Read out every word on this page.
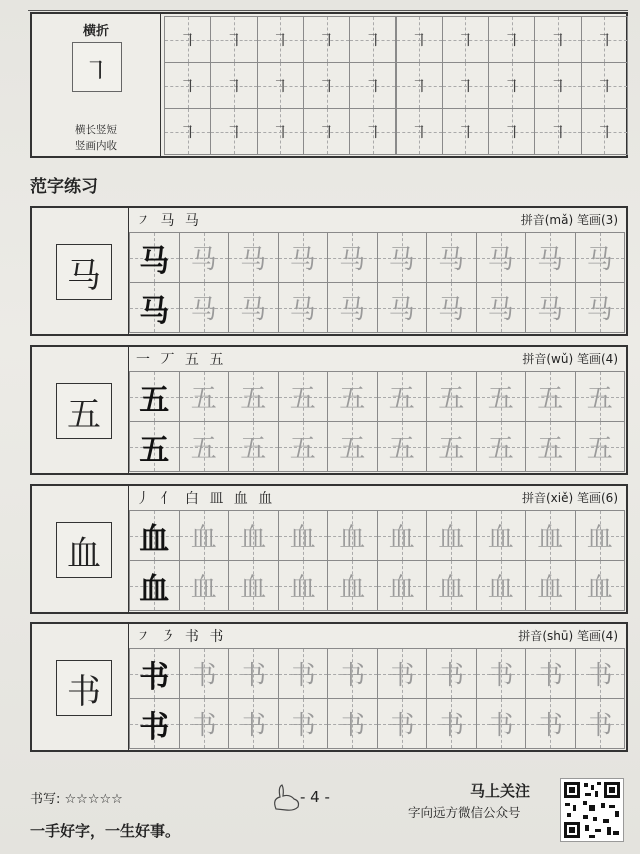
横折
㇕
横长竖短
竖画内收
㇕	㇕	㇕	㇕	㇕	㇕	㇕	㇕	㇕	㇕
㇕	㇕	㇕	㇕	㇕	㇕	㇕	㇕	㇕	㇕
㇕	㇕	㇕	㇕	㇕	㇕	㇕	㇕	㇕	㇕
范字练习
马
㇇ 马 马	拼音(mǎ) 笔画(3)
马 马 马 马 马 马 马 马 马 马
马 马 马 马 马 马 马 马 马 马
五
一 丆 五 五	拼音(wǔ) 笔画(4)
五 五 五 五 五 五 五 五 五 五
五 五 五 五 五 五 五 五 五 五
血
丿 亻 白 ⽫ ⾎ 血	拼音(xiě) 笔画(6)
血 血 血 血 血 血 血 血 血 血
血 血 血 血 血 血 血 血 血 血
书
㇇ ㇋ 书 书	拼音(shū) 笔画(4)
书 书 书 书 书 书 书 书 书 书
书 书 书 书 书 书 书 书 书 书
书写: ☆☆☆☆☆
一手好字，一生好事。
- 4 -	马上关注
字向远方微信公众号
